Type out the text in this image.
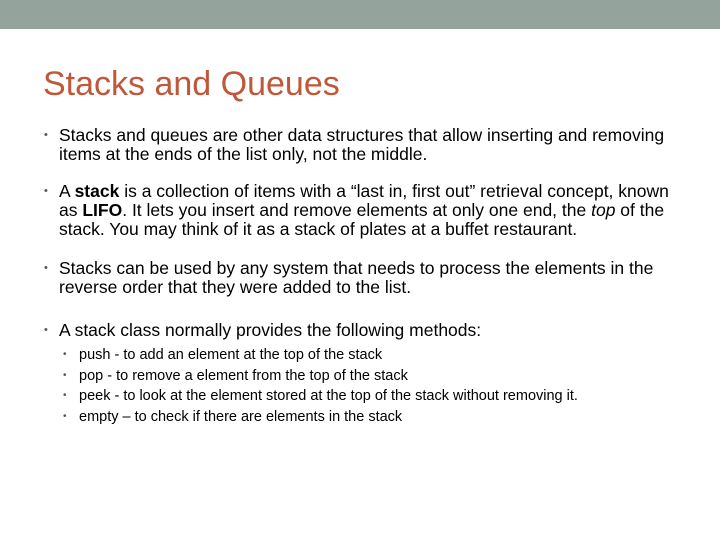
Stacks and Queues
• Stacks and queues are other data structures that allow inserting and removing items at the ends of the list only, not the middle.
• A stack is a collection of items with a “last in, first out” retrieval concept, known as LIFO. It lets you insert and remove elements at only one end, the top of the stack. You may think of it as a stack of plates at a buffet restaurant.
• Stacks can be used by any system that needs to process the elements in the reverse order that they were added to the list.
• A stack class normally provides the following methods:
• push - to add an element at the top of the stack
• pop - to remove a element from the top of the stack
• peek - to look at the element stored at the top of the stack without removing it.
• empty – to check if there are elements in the stack
